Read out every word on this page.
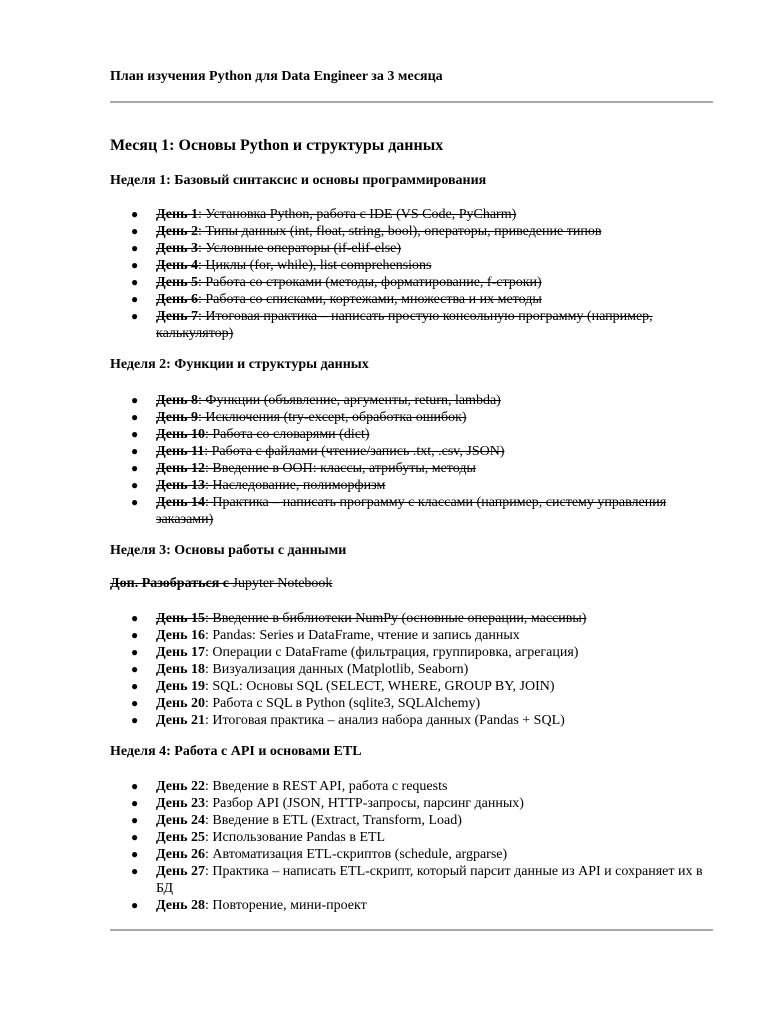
План изучения Python для Data Engineer за 3 месяца
Месяц 1: Основы Python и структуры данных
Неделя 1: Базовый синтаксис и основы программирования
● День 1: Установка Python, работа с IDE (VS Code, PyCharm)
● День 2: Типы данных (int, float, string, bool), операторы, приведение типов
● День 3: Условные операторы (if-elif-else)
● День 4: Циклы (for, while), list comprehensions
● День 5: Работа со строками (методы, форматирование, f-строки)
● День 6: Работа со списками, кортежами, множества и их методы
● День 7: Итоговая практика – написать простую консольную программу (например, калькулятор)
Неделя 2: Функции и структуры данных
● День 8: Функции (объявление, аргументы, return, lambda)
● День 9: Исключения (try-except, обработка ошибок)
● День 10: Работа со словарями (dict)
● День 11: Работа с файлами (чтение/запись .txt, .csv, JSON)
● День 12: Введение в ООП: классы, атрибуты, методы
● День 13: Наследование, полиморфизм
● День 14: Практика – написать программу с классами (например, систему управления заказами)
Неделя 3: Основы работы с данными

Доп. Разобраться с Jupyter Notebook

● День 15: Введение в библиотеки NumPy (основные операции, массивы)
● День 16: Pandas: Series и DataFrame, чтение и запись данных
● День 17: Операции с DataFrame (фильтрация, группировка, агрегация)
● День 18: Визуализация данных (Matplotlib, Seaborn)
● День 19: SQL: Основы SQL (SELECT, WHERE, GROUP BY, JOIN)
● День 20: Работа с SQL в Python (sqlite3, SQLAlchemy)
● День 21: Итоговая практика – анализ набора данных (Pandas + SQL)
Неделя 4: Работа с API и основами ETL
● День 22: Введение в REST API, работа с requests
● День 23: Разбор API (JSON, HTTP-запросы, парсинг данных)
● День 24: Введение в ETL (Extract, Transform, Load)
● День 25: Использование Pandas в ETL
● День 26: Автоматизация ETL-скриптов (schedule, argparse)
● День 27: Практика – написать ETL-скрипт, который парсит данные из API и сохраняет их в БД
● День 28: Повторение, мини-проект
